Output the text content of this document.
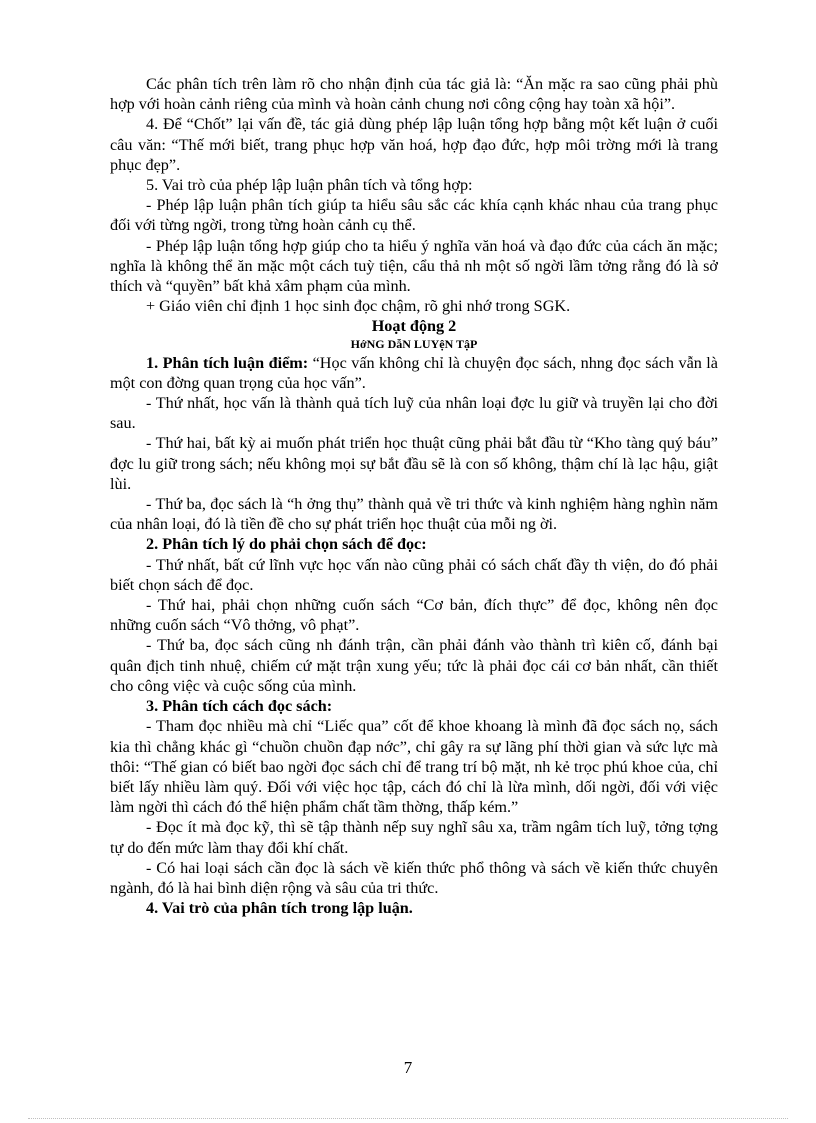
Các phân tích trên làm rõ cho nhận định của tác giả là: “Ăn mặc ra sao cũng phải phù hợp với hoàn cảnh riêng của mình và hoàn cảnh chung nơi công cộng hay toàn xã hội”.

4. Để “Chốt” lại vấn đề, tác giả dùng phép lập luận tổng hợp bằng một kết luận ở cuối câu văn: “Thế mới biết, trang phục hợp văn hoá, hợp đạo đức, hợp môi trờng mới là trang phục đẹp”.

5. Vai trò của phép lập luận phân tích và tổng hợp:

- Phép lập luận phân tích giúp ta hiểu sâu sắc các khía cạnh khác nhau của trang phục đối với từng ngời, trong từng hoàn cảnh cụ thể.

- Phép lập luận tổng hợp giúp cho ta hiểu ý nghĩa văn hoá và đạo đức của cách ăn mặc; nghĩa là không thể ăn mặc một cách tuỳ tiện, cẩu thả nh một số ngời lầm tởng rằng đó là sở thích và “quyền” bất khả xâm phạm của mình.

+ Giáo viên chỉ định 1 học sinh đọc chậm, rõ ghi nhớ trong SGK.

Hoạt động 2

HớNG DẫN LUYệN TậP

1. Phân tích luận điểm: “Học vấn không chỉ là chuyện đọc sách, nhng đọc sách vẫn là một con đờng quan trọng của học vấn”.

- Thứ nhất, học vấn là thành quả tích luỹ của nhân loại đợc lu giữ và truyền lại cho đời sau.

- Thứ hai, bất kỳ ai muốn phát triển học thuật cũng phải bắt đầu từ “Kho tàng quý báu” đợc lu giữ trong sách; nếu không mọi sự bắt đầu sẽ là con số không, thậm chí là lạc hậu, giật lùi.

- Thứ ba, đọc sách là “h ởng thụ” thành quả về tri thức và kinh nghiệm hàng nghìn năm của nhân loại, đó là tiền đề cho sự phát triển học thuật của mỗi ng ời.

2. Phân tích lý do phải chọn sách để đọc:

- Thứ nhất, bất cứ lĩnh vực học vấn nào cũng phải có sách chất đầy th viện, do đó phải biết chọn sách để đọc.

- Thứ hai, phải chọn những cuốn sách “Cơ bản, đích thực” để đọc, không nên đọc những cuốn sách “Vô thởng, vô phạt”.

- Thứ ba, đọc sách cũng nh đánh trận, cần phải đánh vào thành trì kiên cố, đánh bại quân địch tinh nhuệ, chiếm cứ mặt trận xung yếu; tức là phải đọc cái cơ bản nhất, cần thiết cho công việc và cuộc sống của mình.

3. Phân tích cách đọc sách:

- Tham đọc nhiều mà chỉ “Liếc qua” cốt để khoe khoang là mình đã đọc sách nọ, sách kia thì chẳng khác gì “chuồn chuồn đạp nớc”, chỉ gây ra sự lãng phí thời gian và sức lực mà thôi: “Thế gian có biết bao ngời đọc sách chỉ để trang trí bộ mặt, nh kẻ trọc phú khoe của, chỉ biết lấy nhiều làm quý. Đối với việc học tập, cách đó chỉ là lừa mình, dối ngời, đối với việc làm ngời thì cách đó thể hiện phẩm chất tầm thờng, thấp kém.”

- Đọc ít mà đọc kỹ, thì sẽ tập thành nếp suy nghĩ sâu xa, trầm ngâm tích luỹ, tởng tợng tự do đến mức làm thay đổi khí chất.

- Có hai loại sách cần đọc là sách về kiến thức phổ thông và sách về kiến thức chuyên ngành, đó là hai bình diện rộng và sâu của tri thức.

4. Vai trò của phân tích trong lập luận.

7
